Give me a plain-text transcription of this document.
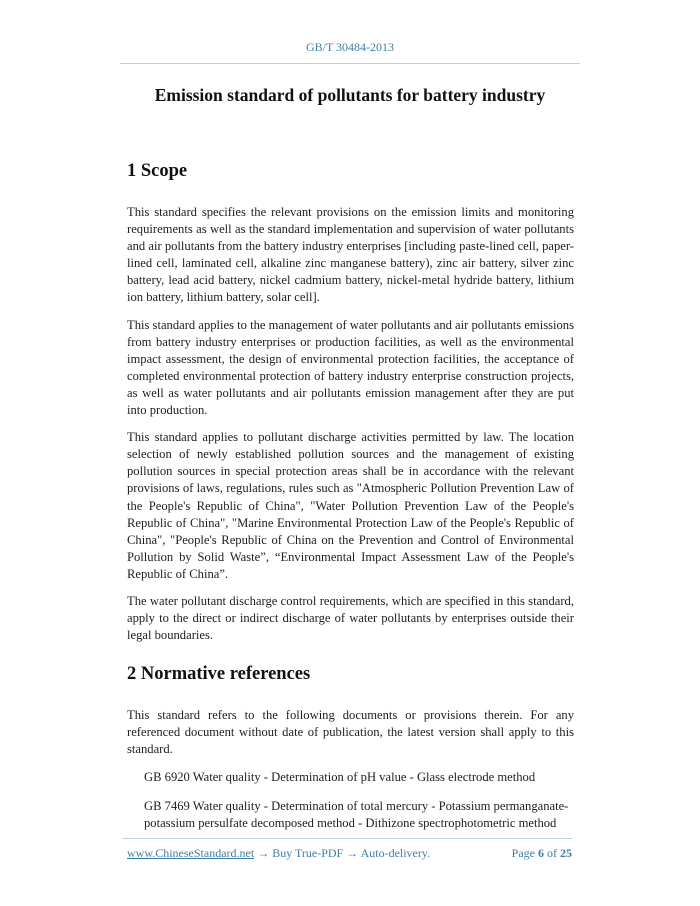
GB/T 30484-2013
Emission standard of pollutants for battery industry
1 Scope

This standard specifies the relevant provisions on the emission limits and monitoring requirements as well as the standard implementation and supervision of water pollutants and air pollutants from the battery industry enterprises [including paste-lined cell, paper-lined cell, laminated cell, alkaline zinc manganese battery), zinc air battery, silver zinc battery, lead acid battery, nickel cadmium battery, nickel-metal hydride battery, lithium ion battery, lithium battery, solar cell].

This standard applies to the management of water pollutants and air pollutants emissions from battery industry enterprises or production facilities, as well as the environmental impact assessment, the design of environmental protection facilities, the acceptance of completed environmental protection of battery industry enterprise construction projects, as well as water pollutants and air pollutants emission management after they are put into production.

This standard applies to pollutant discharge activities permitted by law. The location selection of newly established pollution sources and the management of existing pollution sources in special protection areas shall be in accordance with the relevant provisions of laws, regulations, rules such as "Atmospheric Pollution Prevention Law of the People's Republic of China", "Water Pollution Prevention Law of the People's Republic of China", "Marine Environmental Protection Law of the People's Republic of China", "People's Republic of China on the Prevention and Control of Environmental Pollution by Solid Waste”, “Environmental Impact Assessment Law of the People's Republic of China”.

The water pollutant discharge control requirements, which are specified in this standard, apply to the direct or indirect discharge of water pollutants by enterprises outside their legal boundaries.

2 Normative references

This standard refers to the following documents or provisions therein. For any referenced document without date of publication, the latest version shall apply to this standard.

GB 6920 Water quality - Determination of pH value - Glass electrode method

GB 7469 Water quality - Determination of total mercury - Potassium permanganate-potassium persulfate decomposed method - Dithizone spectrophotometric method

www.ChineseStandard.net → Buy True-PDF → Auto-delivery.	Page 6 of 25
